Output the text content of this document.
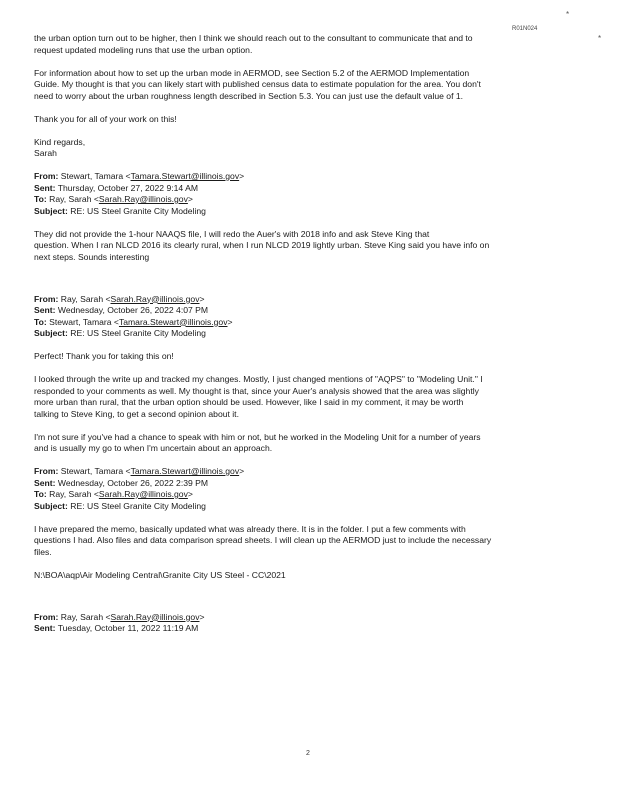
R01N024
*
*

the urban option turn out to be higher, then I think we should reach out to the consultant to communicate that and to

request updated modeling runs that use the urban option.

For information about how to set up the urban mode in AERMOD, see Section 5.2 of the AERMOD Implementation

Guide. My thought is that you can likely start with published census data to estimate population for the area. You don't

need to worry about the urban roughness length described in Section 5.3. You can just use the default value of 1.

Thank you for all of your work on this!

Kind regards,

Sarah

From: Stewart, Tamara <Tamara.Stewart@illinois.gov>

Sent: Thursday, October 27, 2022 9:14 AM

To: Ray, Sarah <Sarah.Ray@illinois.gov>

Subject: RE: US Steel Granite City Modeling

They did not provide the 1-hour NAAQS file, I will redo the Auer's with 2018 info and ask Steve King that

question. When I ran NLCD 2016 its clearly rural, when I run NLCD 2019 lightly urban. Steve King said you have info on

next steps. Sounds interesting

From: Ray, Sarah <Sarah.Ray@illinois.gov>

Sent: Wednesday, October 26, 2022 4:07 PM

To: Stewart, Tamara <Tamara.Stewart@illinois.gov>

Subject: RE: US Steel Granite City Modeling

Perfect! Thank you for taking this on!

I looked through the write up and tracked my changes. Mostly, I just changed mentions of "AQPS" to "Modeling Unit." I

responded to your comments as well. My thought is that, since your Auer's analysis showed that the area was slightly

more urban than rural, that the urban option should be used. However, like I said in my comment, it may be worth

talking to Steve King, to get a second opinion about it.

I'm not sure if you've had a chance to speak with him or not, but he worked in the Modeling Unit for a number of years

and is usually my go to when I'm uncertain about an approach.

From: Stewart, Tamara <Tamara.Stewart@illinois.gov>

Sent: Wednesday, October 26, 2022 2:39 PM

To: Ray, Sarah <Sarah.Ray@illinois.gov>

Subject: RE: US Steel Granite City Modeling

I have prepared the memo, basically updated what was already there. It is in the folder. I put a few comments with

questions I had. Also files and data comparison spread sheets. I will clean up the AERMOD just to include the necessary

files.

N:\BOA\aqp\Air Modeling Central\Granite City US Steel - CC\2021

From: Ray, Sarah <Sarah.Ray@illinois.gov>

Sent: Tuesday, October 11, 2022 11:19 AM

2
